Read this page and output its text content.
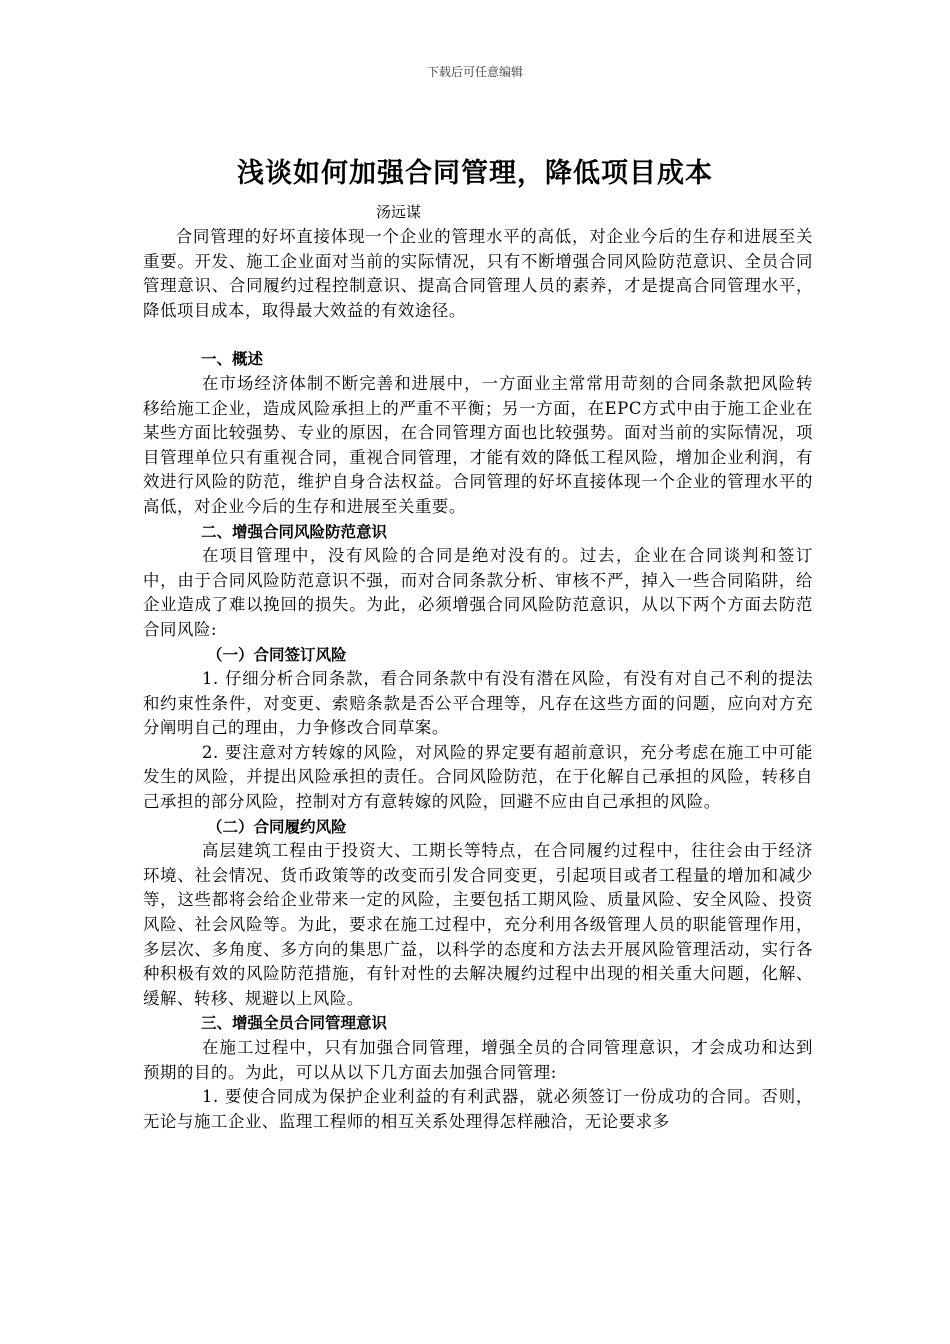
下载后可任意编辑
浅谈如何加强合同管理，降低项目成本
汤远谋

合同管理的好坏直接体现一个企业的管理水平的高低，对企业今后的生存和进展至关重要。开发、施工企业面对当前的实际情况，只有不断增强合同风险防范意识、全员合同管理意识、合同履约过程控制意识、提高合同管理人员的素养，才是提高合同管理水平，降低项目成本，取得最大效益的有效途径。

一、概述

在市场经济体制不断完善和进展中，一方面业主常常用苛刻的合同条款把风险转移给施工企业，造成风险承担上的严重不平衡；另一方面，在EPC方式中由于施工企业在某些方面比较强势、专业的原因，在合同管理方面也比较强势。面对当前的实际情况，项目管理单位只有重视合同，重视合同管理，才能有效的降低工程风险，增加企业利润，有效进行风险的防范，维护自身合法权益。合同管理的好坏直接体现一个企业的管理水平的高低，对企业今后的生存和进展至关重要。

二、增强合同风险防范意识

在项目管理中，没有风险的合同是绝对没有的。过去，企业在合同谈判和签订中，由于合同风险防范意识不强，而对合同条款分析、审核不严，掉入一些合同陷阱，给企业造成了难以挽回的损失。为此，必须增强合同风险防范意识，从以下两个方面去防范合同风险:

（一）合同签订风险

1. 仔细分析合同条款，看合同条款中有没有潜在风险，有没有对自己不利的提法和约束性条件，对变更、索赔条款是否公平合理等，凡存在这些方面的问题，应向对方充分阐明自己的理由，力争修改合同草案。

2. 要注意对方转嫁的风险，对风险的界定要有超前意识，充分考虑在施工中可能发生的风险，并提出风险承担的责任。合同风险防范，在于化解自己承担的风险，转移自己承担的部分风险，控制对方有意转嫁的风险，回避不应由自己承担的风险。

（二）合同履约风险

高层建筑工程由于投资大、工期长等特点，在合同履约过程中，往往会由于经济环境、社会情况、货币政策等的改变而引发合同变更，引起项目或者工程量的增加和减少等，这些都将会给企业带来一定的风险，主要包括工期风险、质量风险、安全风险、投资风险、社会风险等。为此，要求在施工过程中，充分利用各级管理人员的职能管理作用，多层次、多角度、多方向的集思广益，以科学的态度和方法去开展风险管理活动，实行各种积极有效的风险防范措施，有针对性的去解决履约过程中出现的相关重大问题，化解、缓解、转移、规避以上风险。

三、增强全员合同管理意识

在施工过程中，只有加强合同管理，增强全员的合同管理意识，才会成功和达到预期的目的。为此，可以从以下几方面去加强合同管理:

1. 要使合同成为保护企业利益的有利武器，就必须签订一份成功的合同。否则，无论与施工企业、监理工程师的相互关系处理得怎样融洽，无论要求多
